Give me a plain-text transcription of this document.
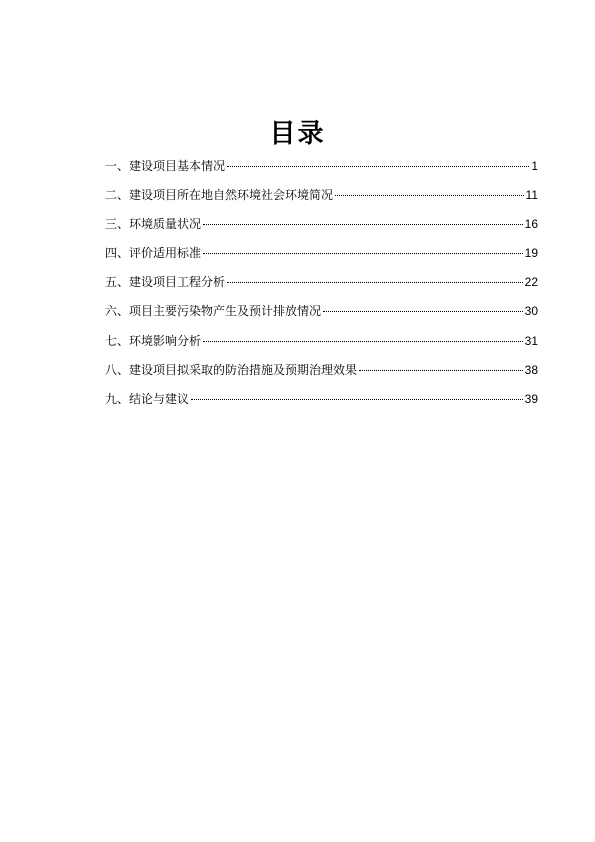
目录
一、建设项目基本情况	1
二、建设项目所在地自然环境社会环境简况	11
三、环境质量状况	16
四、评价适用标准	19
五、建设项目工程分析	22
六、项目主要污染物产生及预计排放情况	30
七、环境影响分析	31
八、建设项目拟采取的防治措施及预期治理效果	38
九、结论与建议	39
